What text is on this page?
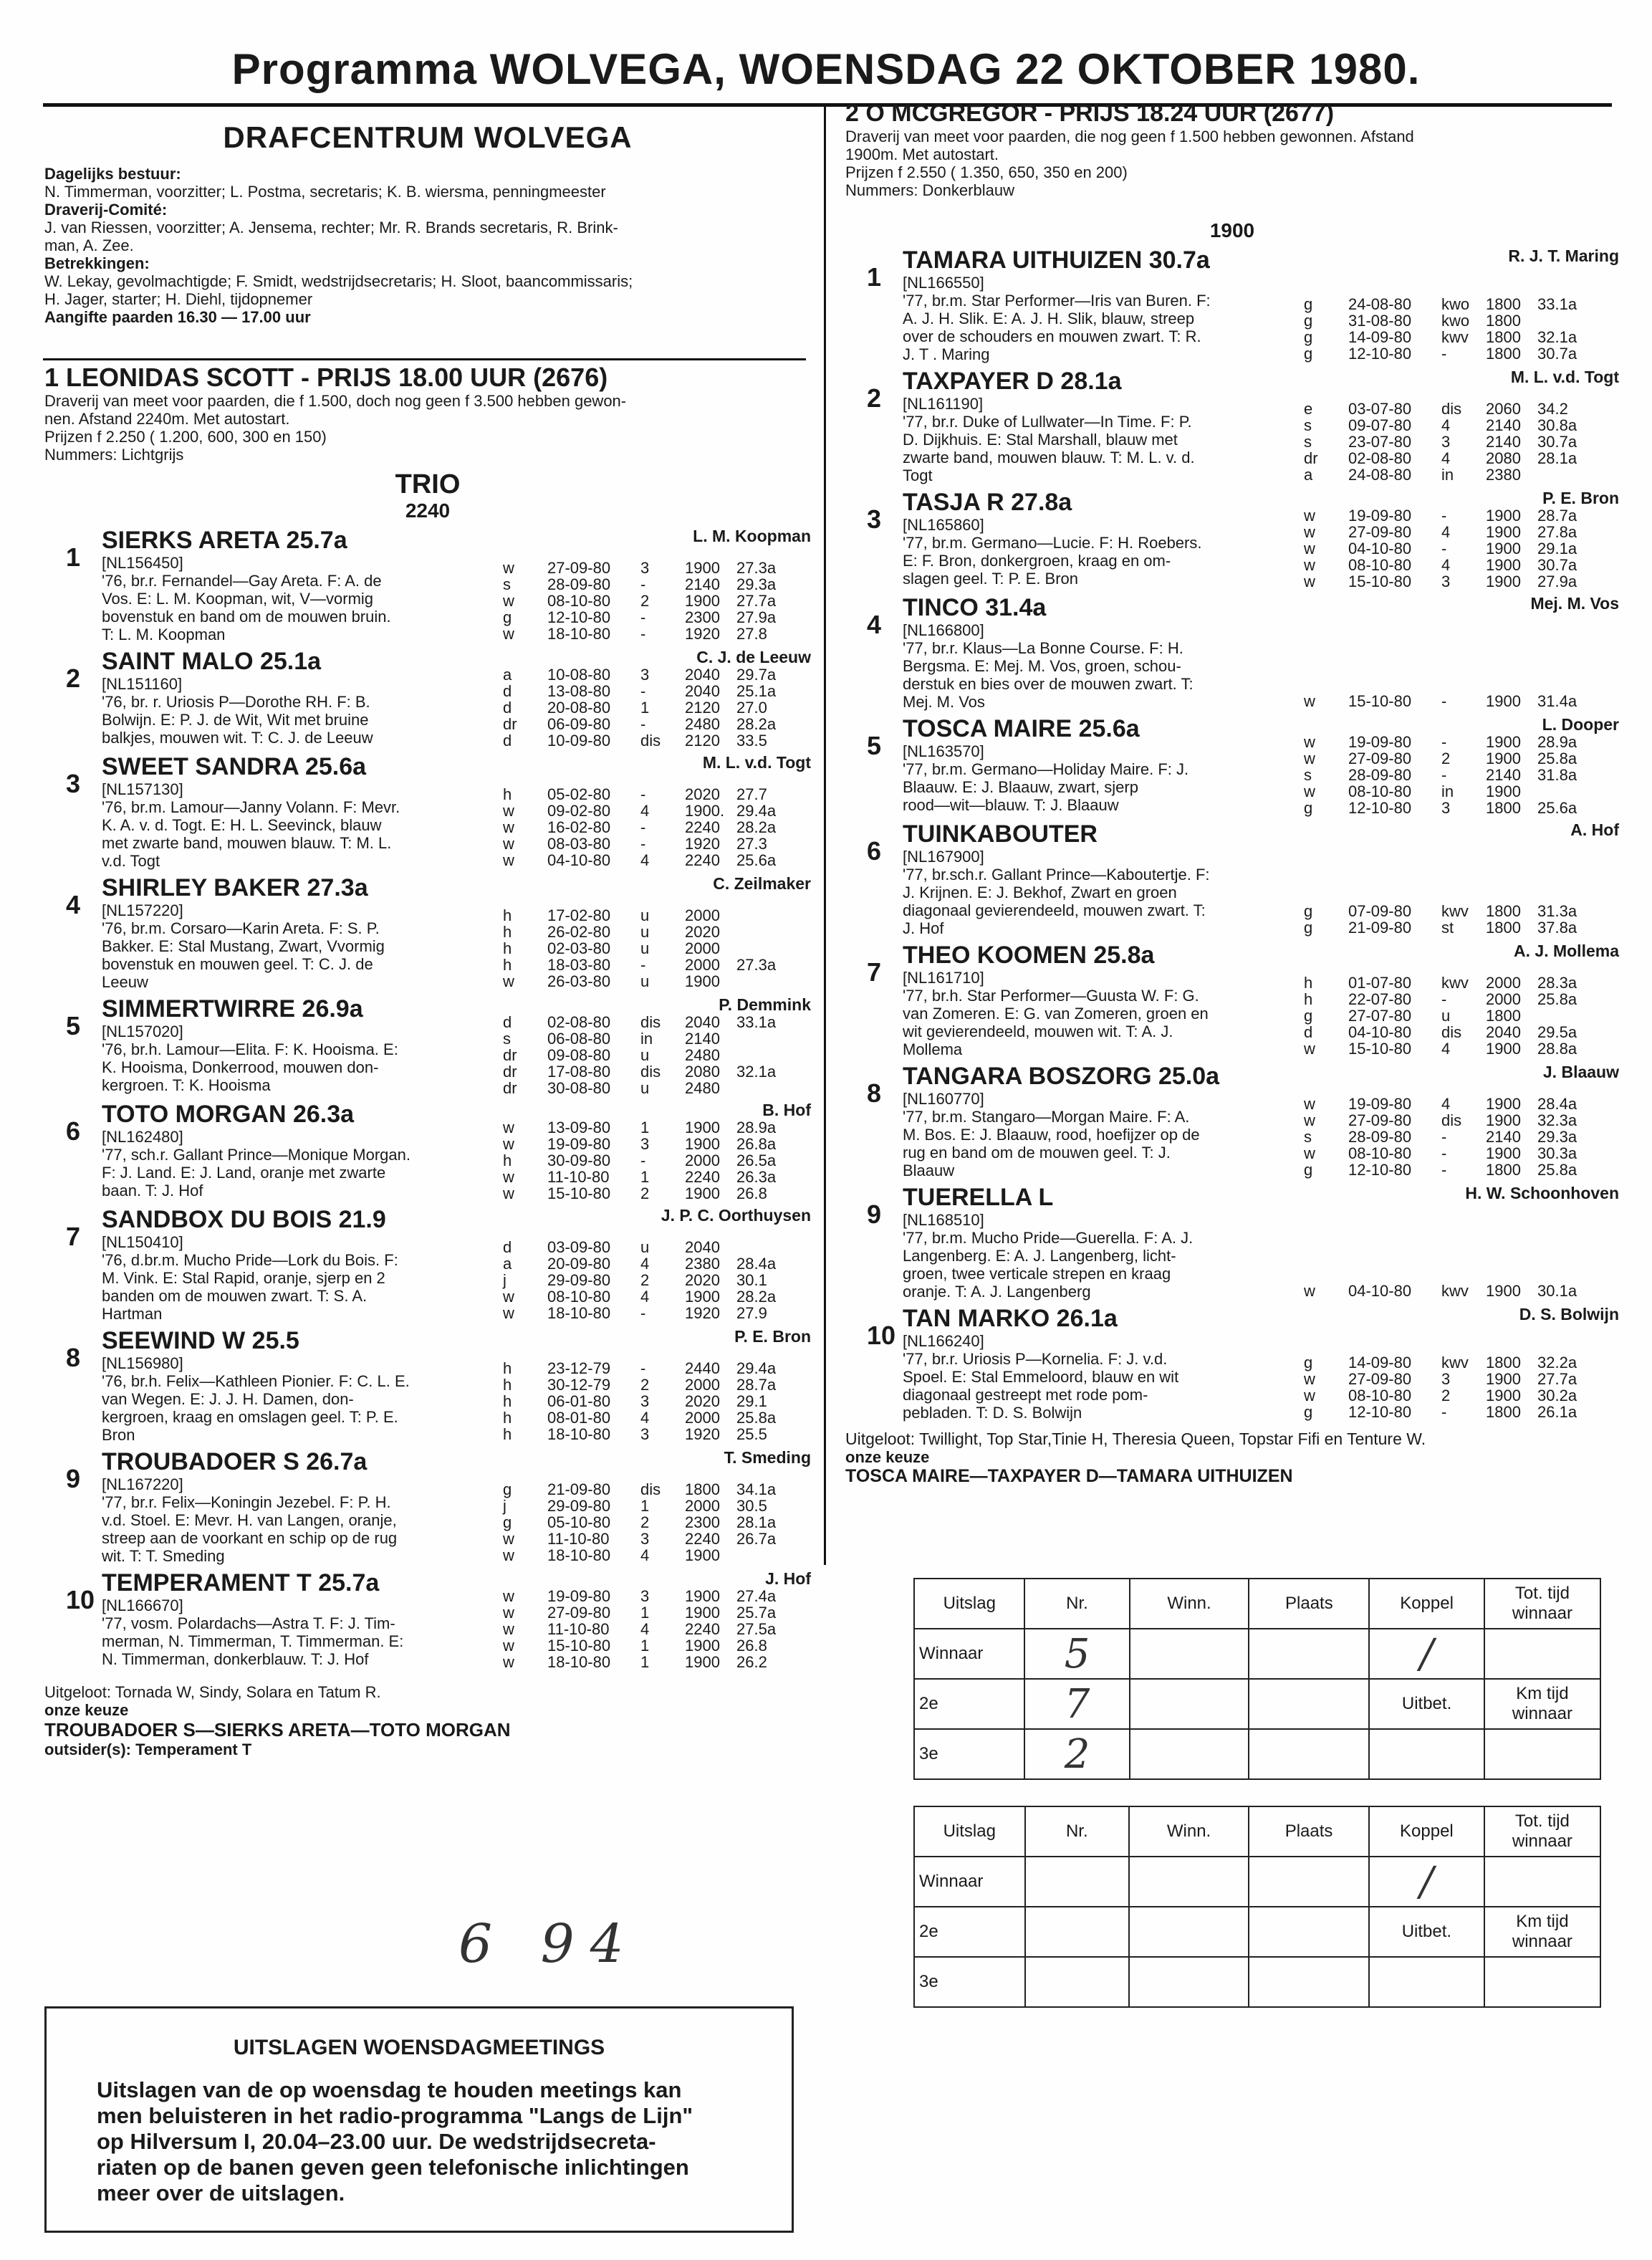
Programma WOLVEGA, WOENSDAG 22 OKTOBER 1980.
DRAFCENTRUM WOLVEGA
Dagelijks bestuur:
N. Timmerman, voorzitter; L. Postma, secretaris; K. B. wiersma, penningmeester
Draverij-Comité:
J. van Riessen, voorzitter; A. Jensema, rechter; Mr. R. Brands secretaris, R. Brink-
man, A. Zee.
Betrekkingen:
W. Lekay, gevolmachtigde; F. Smidt, wedstrijdsecretaris; H. Sloot, baancommissaris;
H. Jager, starter; H. Diehl, tijdopnemer
Aangifte paarden 16.30 — 17.00 uur
1 LEONIDAS SCOTT - PRIJS 18.00 UUR (2676)
Draverij van meet voor paarden, die f 1.500, doch nog geen f 3.500 hebben gewon-
nen. Afstand 2240m. Met autostart.
Prijzen f 2.250 ( 1.200, 600, 300 en 150)
Nummers: Lichtgrijs
TRIO
2240
1
SIERKS ARETA 25.7a
[NL156450]
'76, br.r. Fernandel—Gay Areta. F: A. de
Vos. E: L. M. Koopman, wit, V—vormig
bovenstuk en band om de mouwen bruin.
T: L. M. Koopman
L. M. Koopman
w	27-09-80	3	1900	27.3a
s	28-09-80	-	2140	29.3a
w	08-10-80	2	1900	27.7a
g	12-10-80	-	2300	27.9a
w	18-10-80	-	1920	27.8
2
SAINT MALO 25.1a
[NL151160]
'76, br. r. Uriosis P—Dorothe RH. F: B.
Bolwijn. E: P. J. de Wit, Wit met bruine
balkjes, mouwen wit. T: C. J. de Leeuw
C. J. de Leeuw
a	10-08-80	3	2040	29.7a
d	13-08-80	-	2040	25.1a
d	20-08-80	1	2120	27.0
dr	06-09-80	-	2480	28.2a
d	10-09-80	dis	2120	33.5
3
SWEET SANDRA 25.6a
[NL157130]
'76, br.m. Lamour—Janny Volann. F: Mevr.
K. A. v. d. Togt. E: H. L. Seevinck, blauw
met zwarte band, mouwen blauw. T: M. L.
v.d. Togt
M. L. v.d. Togt
h	05-02-80	-	2020	27.7
w	09-02-80	4	1900. 29.4a
w	16-02-80	-	2240	28.2a
w	08-03-80	-	1920	27.3
w	04-10-80	4	2240	25.6a
4
SHIRLEY BAKER 27.3a
[NL157220]
'76, br.m. Corsaro—Karin Areta. F: S. P.
Bakker. E: Stal Mustang, Zwart, Vvormig
bovenstuk en mouwen geel. T: C. J. de
Leeuw
C. Zeilmaker
h	17-02-80	u	2000
h	26-02-80	u	2020
h	02-03-80	u	2000
h	18-03-80	-	2000	27.3a
w	26-03-80	u	1900
5
SIMMERTWIRRE 26.9a
[NL157020]
'76, br.h. Lamour—Elita. F: K. Hooisma. E:
K. Hooisma, Donkerrood, mouwen don-
kergroen. T: K. Hooisma
P. Demmink
d	02-08-80	dis	2040	33.1a
s	06-08-80	in	2140
dr	09-08-80	u	2480
dr	17-08-80	dis	2080	32.1a
dr	30-08-80	u	2480
6
TOTO MORGAN 26.3a
[NL162480]
'77, sch.r. Gallant Prince—Monique Morgan.
F: J. Land. E: J. Land, oranje met zwarte
baan. T: J. Hof
B. Hof
w	13-09-80	1	1900	28.9a
w	19-09-80	3	1900	26.8a
h	30-09-80	-	2000	26.5a
w	11-10-80	1	2240	26.3a
w	15-10-80	2	1900	26.8
7
SANDBOX DU BOIS 21.9
[NL150410]
'76, d.br.m. Mucho Pride—Lork du Bois. F:
M. Vink. E: Stal Rapid, oranje, sjerp en 2
banden om de mouwen zwart. T: S. A.
Hartman
J. P. C. Oorthuysen
d	03-09-80	u	2040
a	20-09-80	4	2380	28.4a
j	29-09-80	2	2020	30.1
w	08-10-80	4	1900	28.2a
w	18-10-80	-	1920	27.9
8
SEEWIND W 25.5
[NL156980]
'76, br.h. Felix—Kathleen Pionier. F: C. L. E.
van Wegen. E: J. J. H. Damen, don-
kergroen, kraag en omslagen geel. T: P. E.
Bron
P. E. Bron
h	23-12-79	-	2440	29.4a
h	30-12-79	2	2000	28.7a
h	06-01-80	3	2020	29.1
h	08-01-80	4	2000	25.8a
h	18-10-80	3	1920	25.5
9
TROUBADOER S 26.7a
[NL167220]
'77, br.r. Felix—Koningin Jezebel. F: P. H.
v.d. Stoel. E: Mevr. H. van Langen, oranje,
streep aan de voorkant en schip op de rug
wit. T: T. Smeding
T. Smeding
g	21-09-80	dis	1800	34.1a
j	29-09-80	1	2000	30.5
g	05-10-80	2	2300	28.1a
w	11-10-80	3	2240	26.7a
w	18-10-80	4	1900
10
TEMPERAMENT T 25.7a
[NL166670]
'77, vosm. Polardachs—Astra T. F: J. Tim-
merman, N. Timmerman, T. Timmerman. E:
N. Timmerman, donkerblauw. T: J. Hof
J. Hof
w	19-09-80	3	1900	27.4a
w	27-09-80	1	1900	25.7a
w	11-10-80	4	2240	27.5a
w	15-10-80	1	1900	26.8
w	18-10-80	1	1900	26.2
Uitgeloot: Tornada W, Sindy, Solara en Tatum R.
onze keuze
TROUBADOER S—SIERKS ARETA—TOTO MORGAN
outsider(s): Temperament T
6 94
UITSLAGEN WOENSDAGMEETINGS
Uitslagen van de op woensdag te houden meetings kan
men beluisteren in het radio-programma "Langs de Lijn"
op Hilversum I, 20.04–23.00 uur. De wedstrijdsecreta-
riaten op de banen geven geen telefonische inlichtingen
meer over de uitslagen.
2 O MCGREGOR - PRIJS 18.24 UUR (2677)
Draverij van meet voor paarden, die nog geen f 1.500 hebben gewonnen. Afstand
1900m. Met autostart.
Prijzen f 2.550 ( 1.350, 650, 350 en 200)
Nummers: Donkerblauw
1900
1
TAMARA UITHUIZEN 30.7a
[NL166550]
'77, br.m. Star Performer—Iris van Buren. F:
A. J. H. Slik. E: A. J. H. Slik, blauw, streep
over de schouders en mouwen zwart. T: R.
J. T . Maring
R. J. T. Maring
g	24-08-80	kwo	1800	33.1a
g	31-08-80	kwo	1800
g	14-09-80	kwv	1800	32.1a
g	12-10-80	-	1800	30.7a
2
TAXPAYER D 28.1a
[NL161190]
'77, br.r. Duke of Lullwater—In Time. F: P.
D. Dijkhuis. E: Stal Marshall, blauw met
zwarte band, mouwen blauw. T: M. L. v. d.
Togt
M. L. v.d. Togt
e	03-07-80	dis	2060	34.2
s	09-07-80	4	2140	30.8a
s	23-07-80	3	2140	30.7a
dr	02-08-80	4	2080	28.1a
a	24-08-80	in	2380
3
TASJA R 27.8a
[NL165860]
'77, br.m. Germano—Lucie. F: H. Roebers.
E: F. Bron, donkergroen, kraag en om-
slagen geel. T: P. E. Bron
P. E. Bron
w	19-09-80	-	1900	28.7a
w	27-09-80	4	1900	27.8a
w	04-10-80	-	1900	29.1a
w	08-10-80	4	1900	30.7a
w	15-10-80	3	1900	27.9a
4
TINCO 31.4a
[NL166800]
'77, br.r. Klaus—La Bonne Course. F: H.
Bergsma. E: Mej. M. Vos, groen, schou-
derstuk en bies over de mouwen zwart. T:
Mej. M. Vos
Mej. M. Vos
w	15-10-80	-	1900	31.4a
5
TOSCA MAIRE 25.6a
[NL163570]
'77, br.m. Germano—Holiday Maire. F: J.
Blaauw. E: J. Blaauw, zwart, sjerp
rood—wit—blauw. T: J. Blaauw
L. Dooper
w	19-09-80	-	1900	28.9a
w	27-09-80	2	1900	25.8a
s	28-09-80	-	2140	31.8a
w	08-10-80	in	1900
g	12-10-80	3	1800	25.6a
6
TUINKABOUTER
[NL167900]
'77, br.sch.r. Gallant Prince—Kaboutertje. F:
J. Krijnen. E: J. Bekhof, Zwart en groen
diagonaal gevierendeeld, mouwen zwart. T:
J. Hof
A. Hof
g	07-09-80	kwv	1800	31.3a
g	21-09-80	st	1800	37.8a
7
THEO KOOMEN 25.8a
[NL161710]
'77, br.h. Star Performer—Guusta W. F: G.
van Zomeren. E: G. van Zomeren, groen en
wit gevierendeeld, mouwen wit. T: A. J.
Mollema
A. J. Mollema
h	01-07-80	kwv	2000	28.3a
h	22-07-80	-	2000	25.8a
g	27-07-80	u	1800
d	04-10-80	dis	2040	29.5a
w	15-10-80	4	1900	28.8a
8
TANGARA BOSZORG 25.0a
[NL160770]
'77, br.m. Stangaro—Morgan Maire. F: A.
M. Bos. E: J. Blaauw, rood, hoefijzer op de
rug en band om de mouwen geel. T: J.
Blaauw
J. Blaauw
w	19-09-80	4	1900	28.4a
w	27-09-80	dis	1900	32.3a
s	28-09-80	-	2140	29.3a
w	08-10-80	-	1900	30.3a
g	12-10-80	-	1800	25.8a
9
TUERELLA L
[NL168510]
'77, br.m. Mucho Pride—Guerella. F: A. J.
Langenberg. E: A. J. Langenberg, licht-
groen, twee verticale strepen en kraag
oranje. T: A. J. Langenberg
H. W. Schoonhoven
w	04-10-80	kwv	1900	30.1a
10
TAN MARKO 26.1a
[NL166240]
'77, br.r. Uriosis P—Kornelia. F: J. v.d.
Spoel. E: Stal Emmeloord, blauw en wit
diagonaal gestreept met rode pom-
pebladen. T: D. S. Bolwijn
D. S. Bolwijn
g	14-09-80	kwv	1800	32.2a
w	27-09-80	3	1900	27.7a
w	08-10-80	2	1900	30.2a
g	12-10-80	-	1800	26.1a
Uitgeloot: Twillight, Top Star,Tinie H, Theresia Queen, Topstar Fifi en Tenture W.
onze keuze
TOSCA MAIRE—TAXPAYER D—TAMARA UITHUIZEN
Uitslag	Nr.	Winn.	Plaats	Koppel	Tot. tijd winnaar
Winnaar	5			/	
2e	7			Uitbet.	Km tijd winnaar
3e	2				
Uitslag	Nr.	Winn.	Plaats	Koppel	Tot. tijd winnaar
Winnaar				/	
2e				Uitbet.	Km tijd winnaar
3e					
